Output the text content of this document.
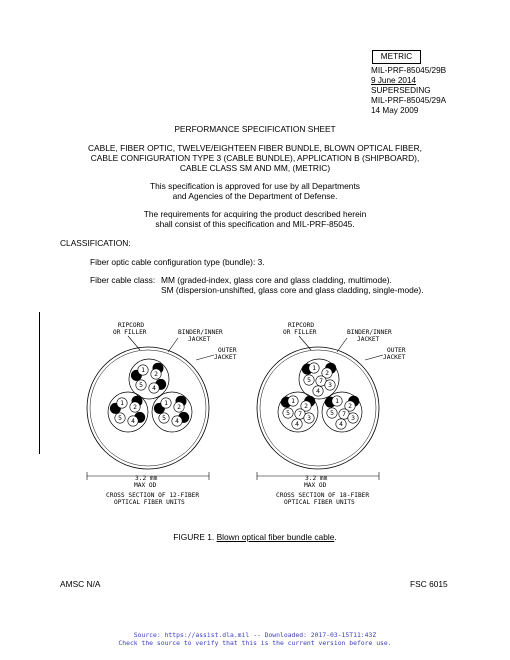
METRIC
MIL-PRF-85045/29B
9 June 2014
SUPERSEDING
MIL-PRF-85045/29A
14 May 2009
PERFORMANCE SPECIFICATION SHEET
CABLE, FIBER OPTIC, TWELVE/EIGHTEEN FIBER BUNDLE, BLOWN OPTICAL FIBER,
CABLE CONFIGURATION TYPE 3 (CABLE BUNDLE), APPLICATION B (SHIPBOARD),
CABLE CLASS SM AND MM, (METRIC)
This specification is approved for use by all Departments
and Agencies of the Department of Defense.
The requirements for acquiring the product described herein
shall consist of this specification and MIL-PRF-85045.
CLASSIFICATION:
Fiber optic cable configuration type (bundle): 3.
Fiber cable class: MM (graded-index, glass core and glass cladding, multimode).
SM (dispersion-unshifted, glass core and glass cladding, single-mode).
RIPCORD
OR FILLER	BINDER/INNER
JACKET
OUTER
JACKET
1 2
5 4
1 2
5 4
1 2
5 4
3.2 mm
MAX OD
CROSS SECTION OF 12-FIBER
OPTICAL FIBER UNITS
RIPCORD
OR FILLER	BINDER/INNER
JACKET
OUTER
JACKET
1
2
5 7 3
4
1
2
5 7 3
4
1
2
5 7 3
4
3.2 mm
MAX OD
CROSS SECTION OF 18-FIBER
OPTICAL FIBER UNITS
FIGURE 1. Blown optical fiber bundle cable.
AMSC N/A	FSC 6015
Source: https://assist.dla.mil -- Downloaded: 2017-03-15T11:43Z
Check the source to verify that this is the current version before use.
